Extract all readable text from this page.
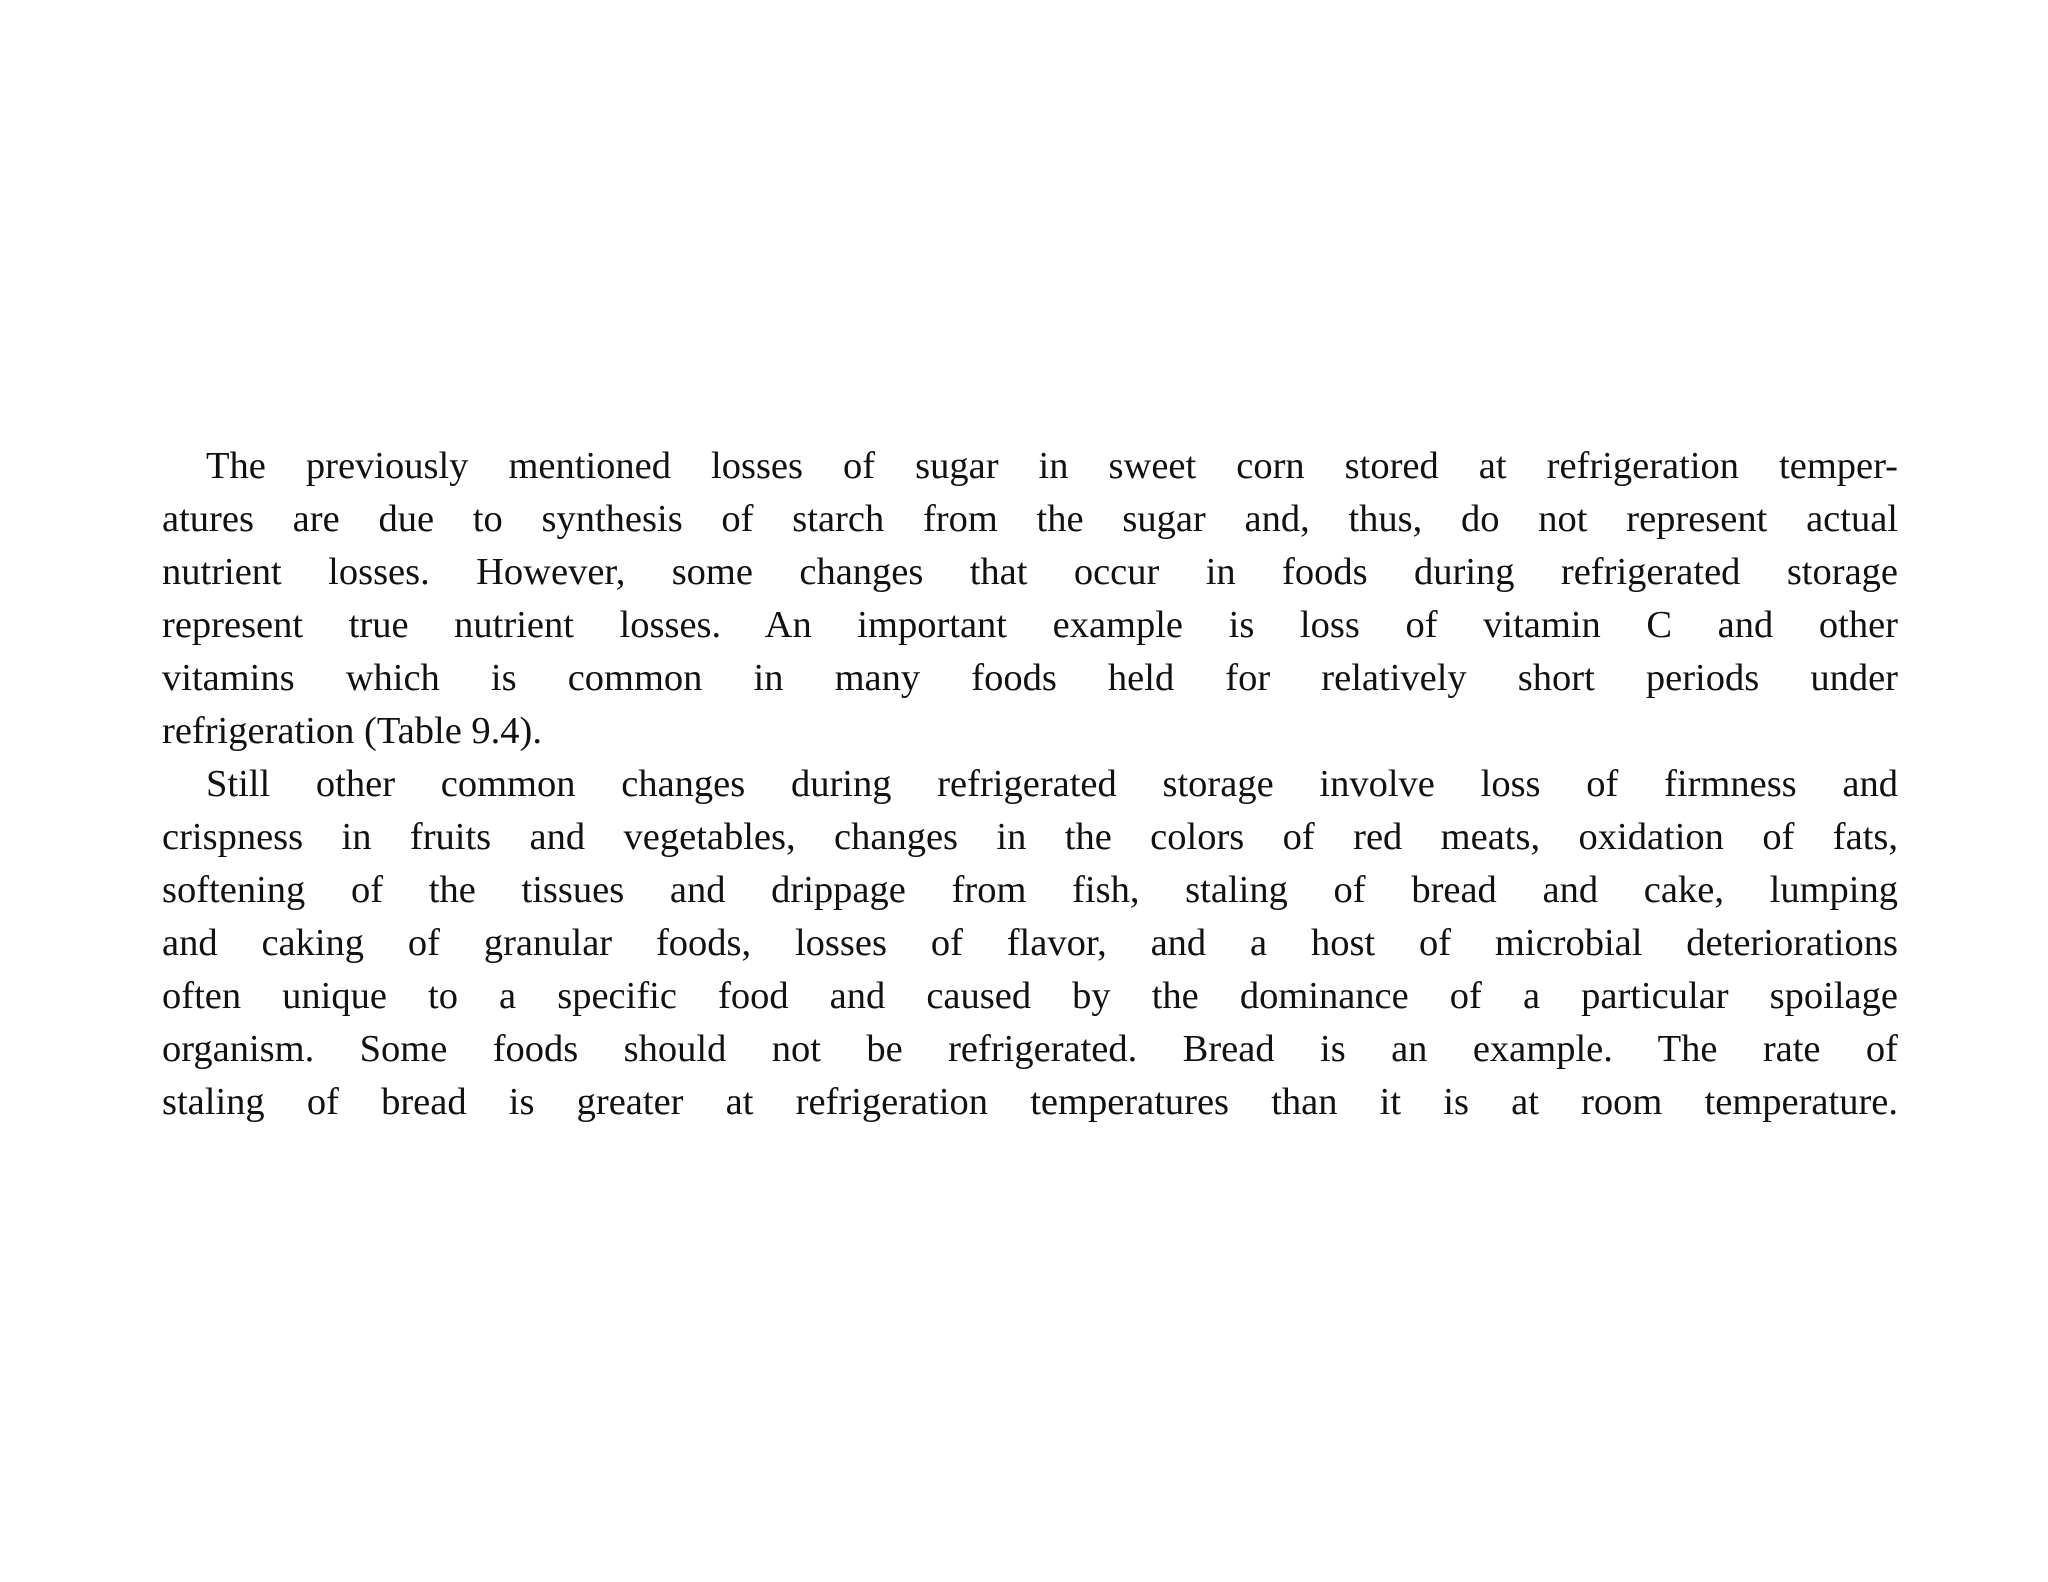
The previously mentioned losses of sugar in sweet corn stored at refrigeration temper-
atures are due to synthesis of starch from the sugar and, thus, do not represent actual
nutrient losses. However, some changes that occur in foods during refrigerated storage
represent true nutrient losses. An important example is loss of vitamin C and other
vitamins which is common in many foods held for relatively short periods under
refrigeration (Table 9.4).

Still other common changes during refrigerated storage involve loss of firmness and
crispness in fruits and vegetables, changes in the colors of red meats, oxidation of fats,
softening of the tissues and drippage from fish, staling of bread and cake, lumping
and caking of granular foods, losses of flavor, and a host of microbial deteriorations
often unique to a specific food and caused by the dominance of a particular spoilage
organism. Some foods should not be refrigerated. Bread is an example. The rate of
staling of bread is greater at refrigeration temperatures than it is at room temperature.
